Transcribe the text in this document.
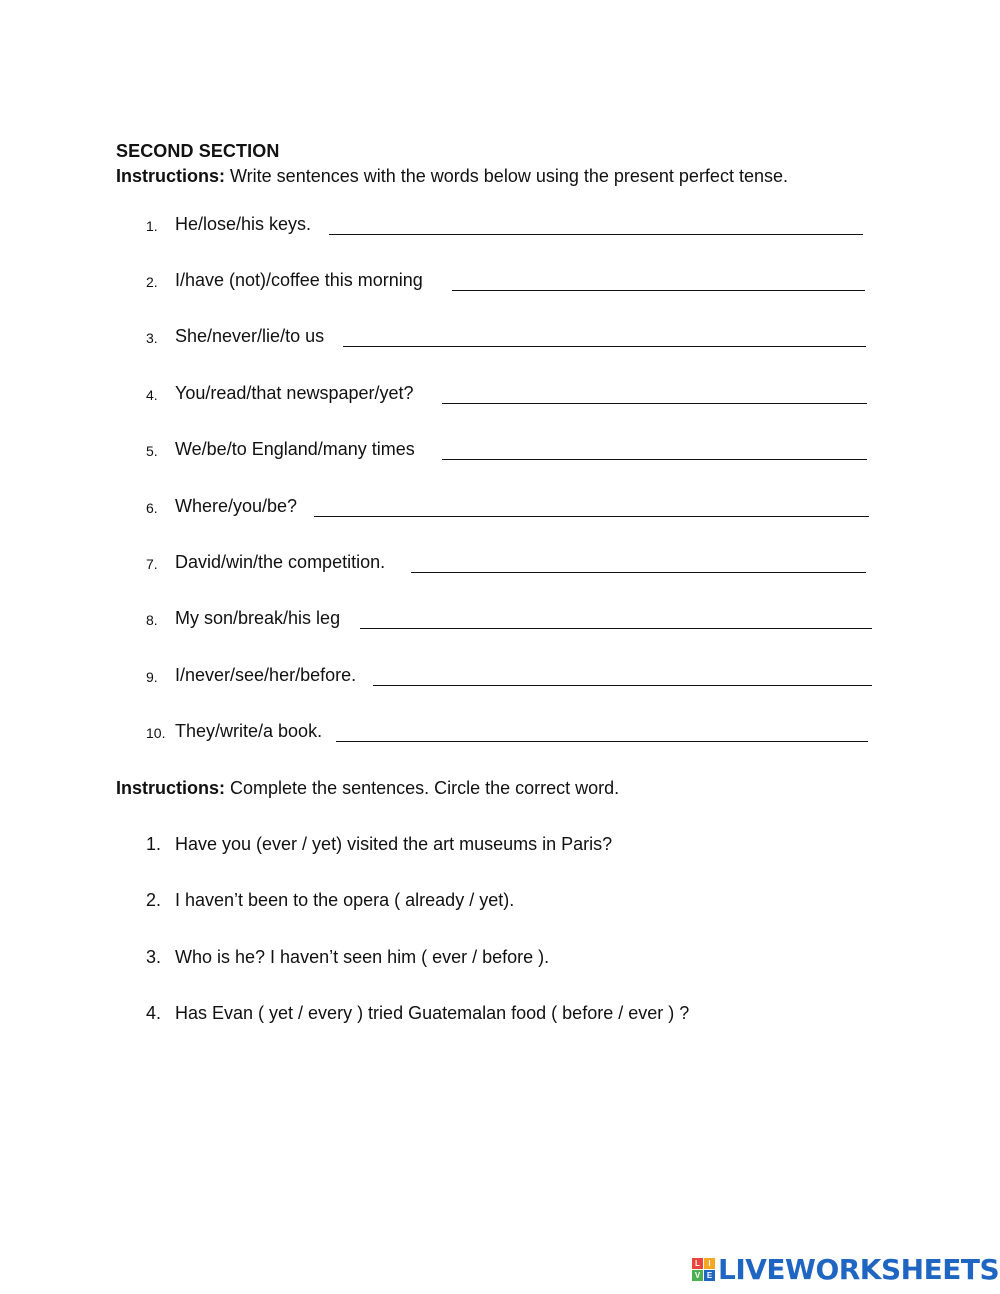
SECOND SECTION
Instructions: Write sentences with the words below using the present perfect tense.
1. He/lose/his keys.
2. I/have (not)/coffee this morning
3. She/never/lie/to us
4. You/read/that newspaper/yet?
5. We/be/to England/many times
6. Where/you/be?
7. David/win/the competition.
8. My son/break/his leg
9. I/never/see/her/before.
10. They/write/a book.
Instructions: Complete the sentences. Circle the correct word.
1. Have you (ever / yet) visited the art museums in Paris?
2. I haven’t been to the opera ( already / yet).
3. Who is he? I haven’t seen him ( ever / before ).
4. Has Evan ( yet / every ) tried Guatemalan food ( before / ever ) ?
L	I
V E LIVEWORKSHEETS
